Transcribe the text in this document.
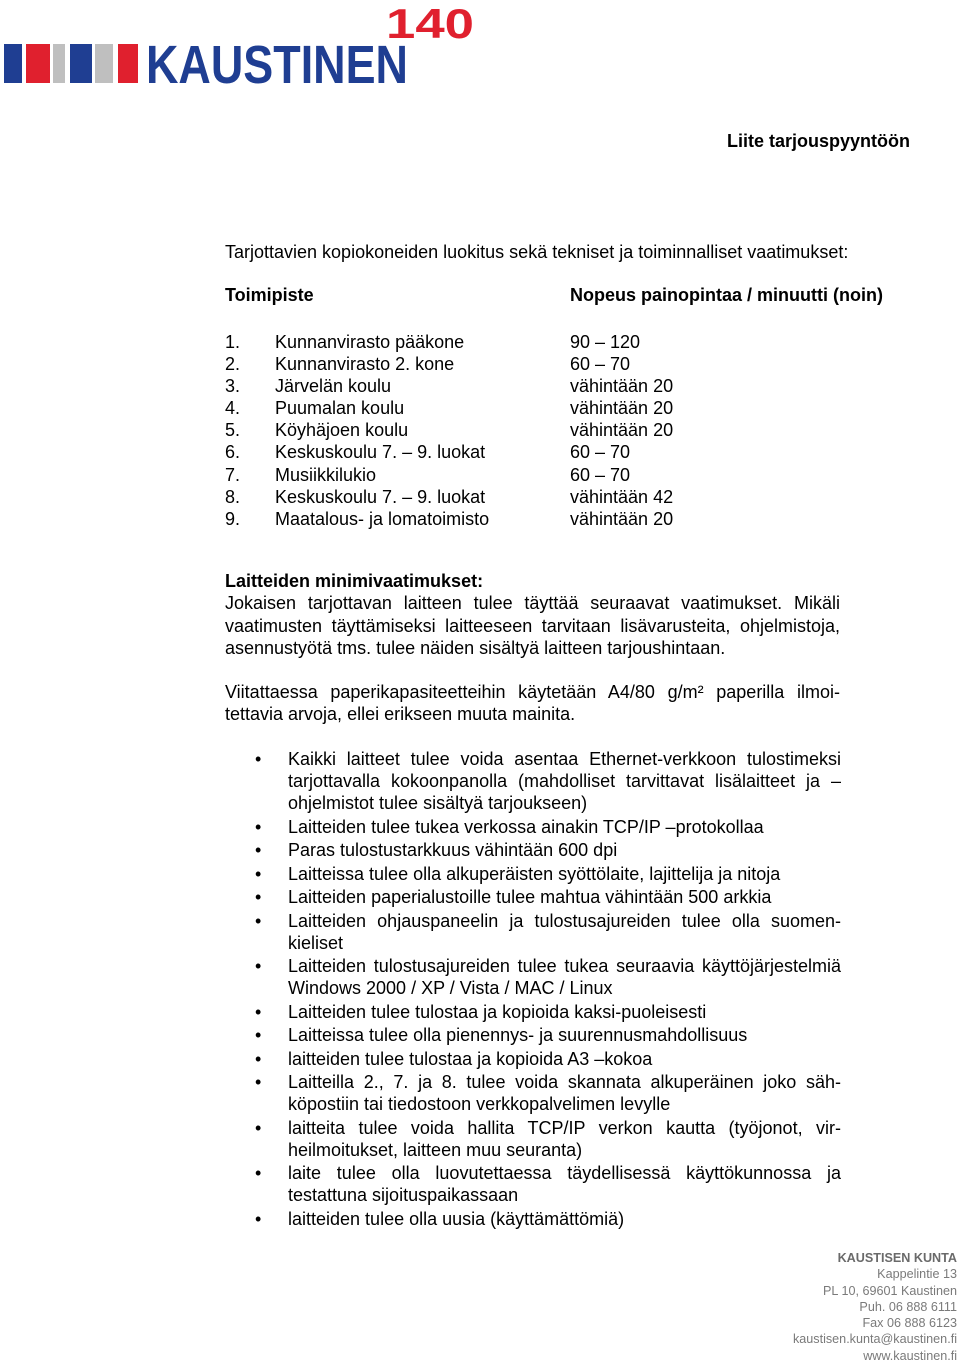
KAUSTINEN
140
Liite tarjouspyyntöön
Tarjottavien kopiokoneiden luokitus sekä tekniset ja toiminnalliset vaatimukset:
Toimipiste	Nopeus painopintaa / minuutti (noin)
1. Kunnanvirasto pääkone	90 – 120
2. Kunnanvirasto 2. kone	60 – 70
3. Järvelän koulu	vähintään 20
4. Puumalan koulu	vähintään 20
5. Köyhäjoen koulu	vähintään 20
6. Keskuskoulu 7. – 9. luokat	60 – 70
7. Musiikkilukio	60 – 70
8. Keskuskoulu 7. – 9. luokat	vähintään 42
9. Maatalous- ja lomatoimisto	vähintään 20

Laitteiden minimivaatimukset:

Jokaisen tarjottavan laitteen tulee täyttää seuraavat vaatimukset. Mikäli vaatimusten täyttämiseksi laitteeseen tarvitaan lisävarusteita, ohjelmistoja, asennustyötä tms. tulee näiden sisältyä laitteen tarjoushintaan.

Viitattaessa paperikapasiteetteihin käytetään A4/80 g/m² paperilla ilmoitettavia arvoja, ellei erikseen muuta mainita.

• Kaikki laitteet tulee voida asentaa Ethernet-verkkoon tulostimeksi tarjottavalla kokoonpanolla (mahdolliset tarvittavat lisälaitteet ja – ohjelmistot tulee sisältyä tarjoukseen)
• Laitteiden tulee tukea verkossa ainakin TCP/IP –protokollaa
• Paras tulostustarkkuus vähintään 600 dpi
• Laitteissa tulee olla alkuperäisten syöttölaite, lajittelija ja nitoja
• Laitteiden paperialustoille tulee mahtua vähintään 500 arkkia
• Laitteiden ohjauspaneelin ja tulostusajureiden tulee olla suomenkieliset
• Laitteiden tulostusajureiden tulee tukea seuraavia käyttöjärjestelmiä Windows 2000 / XP / Vista / MAC / Linux
• Laitteiden tulee tulostaa ja kopioida kaksi-puoleisesti
• Laitteissa tulee olla pienennys- ja suurennusmahdollisuus
• laitteiden tulee tulostaa ja kopioida A3 –kokoa
• Laitteilla 2., 7. ja 8. tulee voida skannata alkuperäinen joko sähköpostiin tai tiedostoon verkkopalvelimen levylle
• laitteita tulee voida hallita TCP/IP verkon kautta (työjonot, virheilmoitukset, laitteen muu seuranta)
• laite tulee olla luovutettaessa täydellisessä käyttökunnossa ja testattuna sijoituspaikassaan
• laitteiden tulee olla uusia (käyttämättömiä)
KAUSTISEN KUNTA
Kappelintie 13
PL 10, 69601 Kaustinen
Puh. 06 888 6111
Fax 06 888 6123
kaustisen.kunta@kaustinen.fi
www.kaustinen.fi
